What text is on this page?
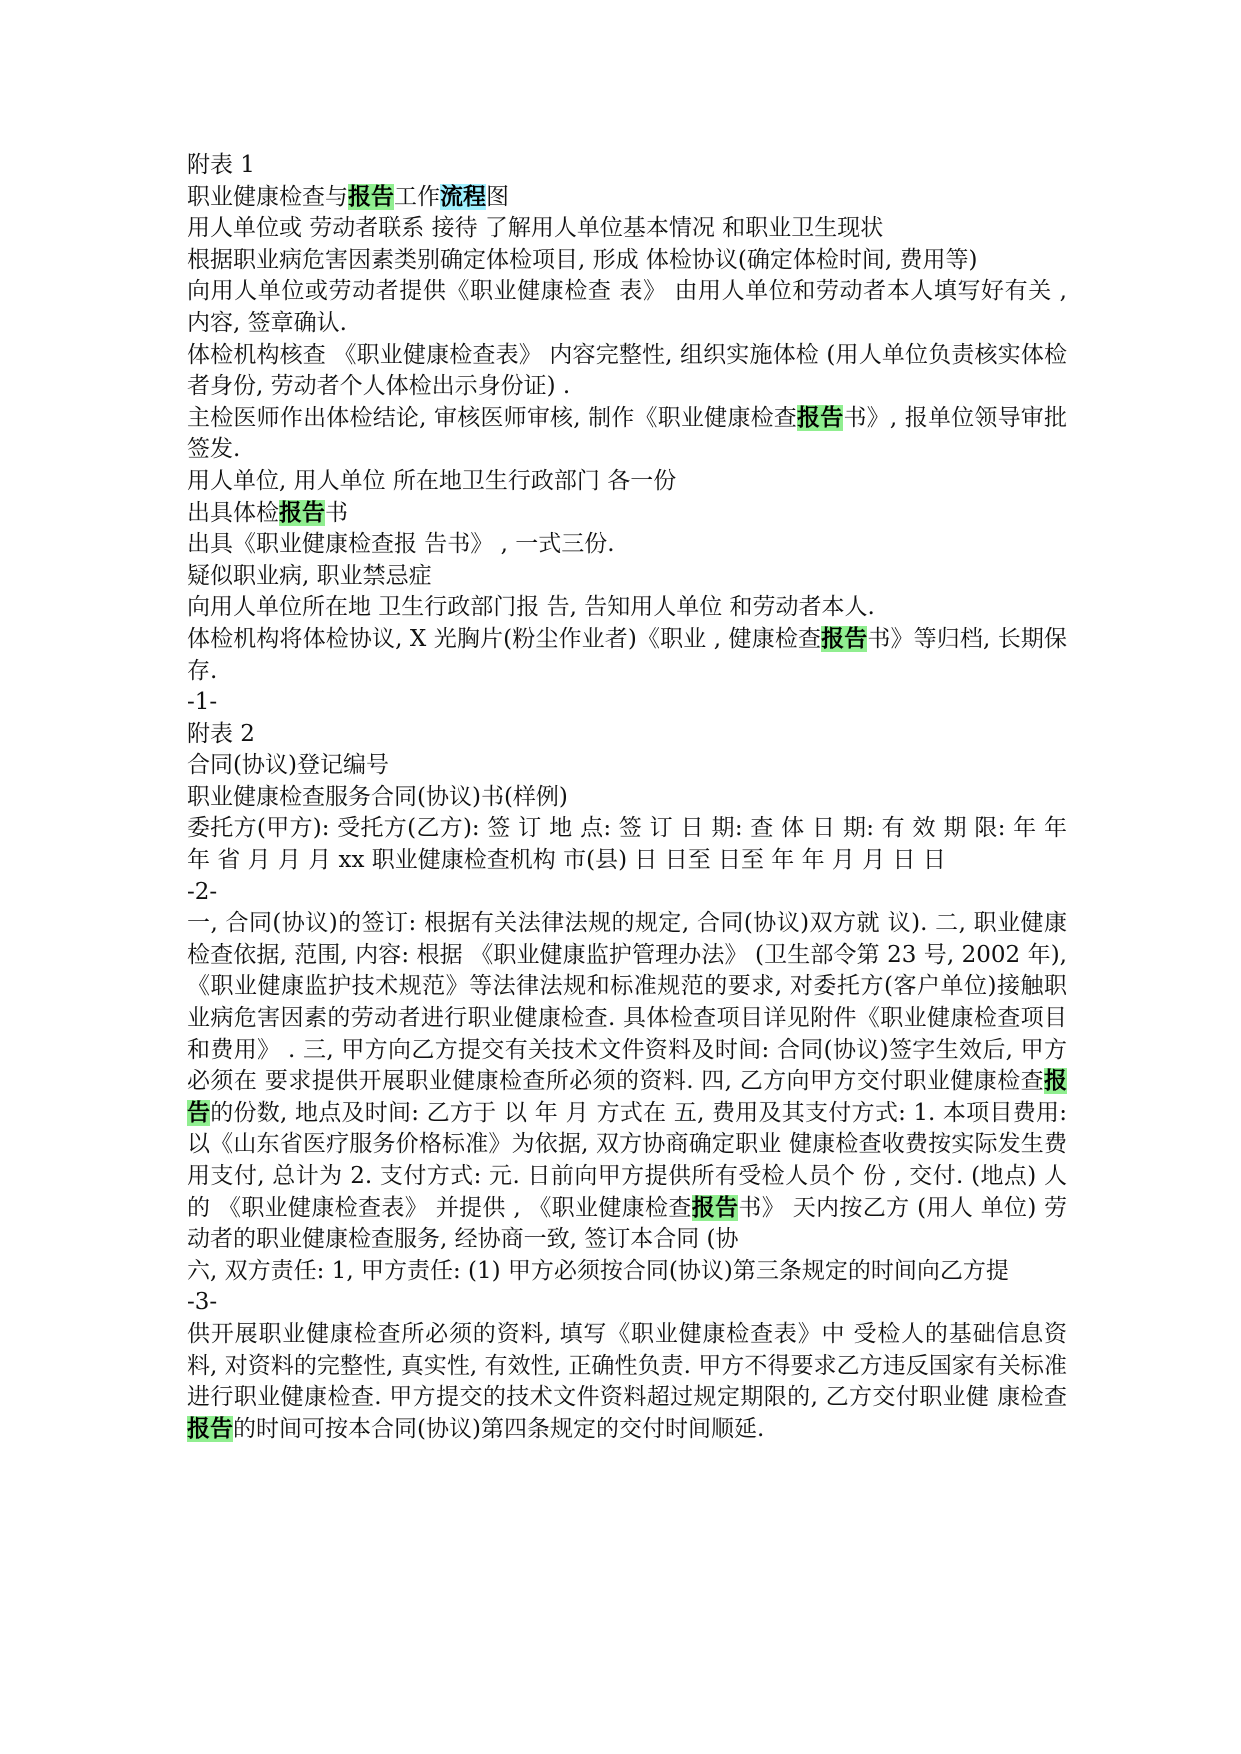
附表 1
职业健康检查与报告工作流程图
用人单位或 劳动者联系 接待 了解用人单位基本情况 和职业卫生现状
根据职业病危害因素类别确定体检项目, 形成 体检协议(确定体检时间, 费用等)
向用人单位或劳动者提供《职业健康检查 表》 由用人单位和劳动者本人填写好有关 , 内容, 签章确认.
体检机构核查 《职业健康检查表》 内容完整性, 组织实施体检 (用人单位负责核实体检者身份, 劳动者个人体检出示身份证) .
主检医师作出体检结论, 审核医师审核, 制作《职业健康检查报告书》, 报单位领导审批签发.
用人单位, 用人单位 所在地卫生行政部门 各一份
出具体检报告书
出具《职业健康检查报 告书》 , 一式三份.
疑似职业病, 职业禁忌症
向用人单位所在地 卫生行政部门报 告, 告知用人单位 和劳动者本人.
体检机构将体检协议, X 光胸片(粉尘作业者)《职业 , 健康检查报告书》等归档, 长期保存.
-1-
附表 2
合同(协议)登记编号
职业健康检查服务合同(协议)书(样例)
委托方(甲方): 受托方(乙方): 签 订 地 点: 签 订 日 期: 查 体 日 期: 有 效 期 限: 年 年 年 省 月 月 月 xx 职业健康检查机构 市(县) 日 日至 日至 年 年 月 月 日 日
-2-
一, 合同(协议)的签订: 根据有关法律法规的规定, 合同(协议)双方就 议). 二, 职业健康检查依据, 范围, 内容: 根据 《职业健康监护管理办法》 (卫生部令第 23 号, 2002 年), 《职业健康监护技术规范》等法律法规和标准规范的要求, 对委托方(客户单位)接触职业病危害因素的劳动者进行职业健康检查. 具体检查项目详见附件《职业健康检查项目和费用》 . 三, 甲方向乙方提交有关技术文件资料及时间: 合同(协议)签字生效后, 甲方必须在 要求提供开展职业健康检查所必须的资料. 四, 乙方向甲方交付职业健康检查报告的份数, 地点及时间: 乙方于 以 年 月 方式在 五, 费用及其支付方式: 1. 本项目费用: 以《山东省医疗服务价格标准》为依据, 双方协商确定职业 健康检查收费按实际发生费用支付, 总计为 2. 支付方式: 元. 日前向甲方提供所有受检人员个 份 , 交付. (地点) 人的 《职业健康检查表》 并提供 , 《职业健康检查报告书》 天内按乙方 (用人 单位) 劳动者的职业健康检查服务, 经协商一致, 签订本合同 (协
六, 双方责任: 1, 甲方责任: (1) 甲方必须按合同(协议)第三条规定的时间向乙方提
-3-
供开展职业健康检查所必须的资料, 填写《职业健康检查表》中 受检人的基础信息资料, 对资料的完整性, 真实性, 有效性, 正确性负责. 甲方不得要求乙方违反国家有关标准进行职业健康检查. 甲方提交的技术文件资料超过规定期限的, 乙方交付职业健 康检查报告的时间可按本合同(协议)第四条规定的交付时间顺延.
